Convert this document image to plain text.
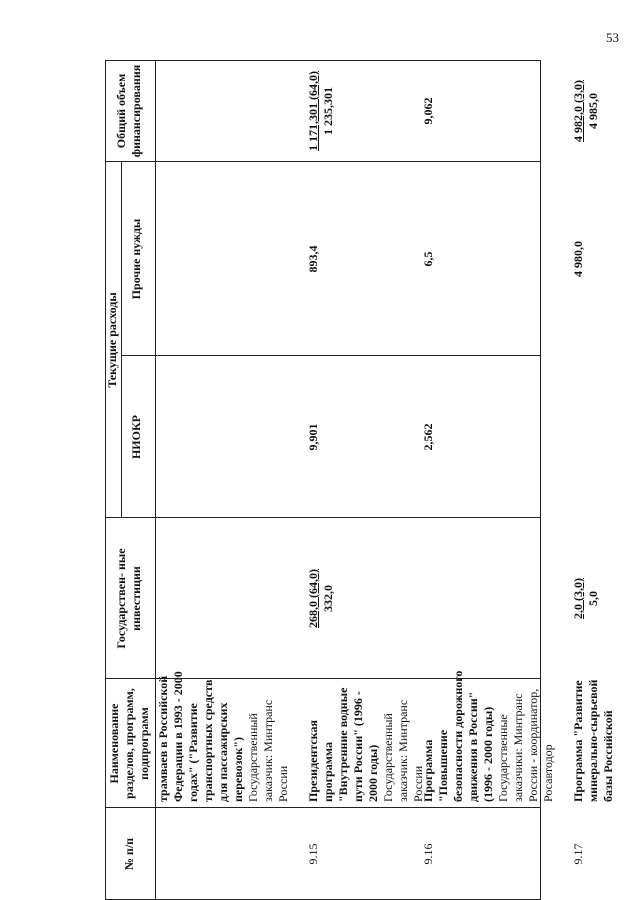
53
№ п/п
Наименование разделов, программ, подпрограмм
Государствен- ные инвестиции
Текущие расходы
НИОКР
Прочие нужды
Общий объем финансирования
трамваев в Российской Федерации в 1993 - 2000 годах" ("Развитие транспортных средств для пассажирских перевозок") Государственный заказчик: Минтранс России
9.15
Президентская программа "Внутренние водные пути России" (1996 - 2000 годы) Государственный заказчик: Минтранс России
268,0 (64,0)
332,0
9,901
893,4
1 171,301 (64,0)
1 235,301
9.16
Программа "Повышение безопасности дорожного движения в России" (1996 - 2000 годы) Государственные заказчики: Минтранс России - координатор, Росавтодор
2,562
6,5
9,062
9.17
Программа "Развитие минерально-сырьевой базы Российской
2,0 (3,0)
5,0
4 980,0
4 982,0 (3,0)
4 985,0
